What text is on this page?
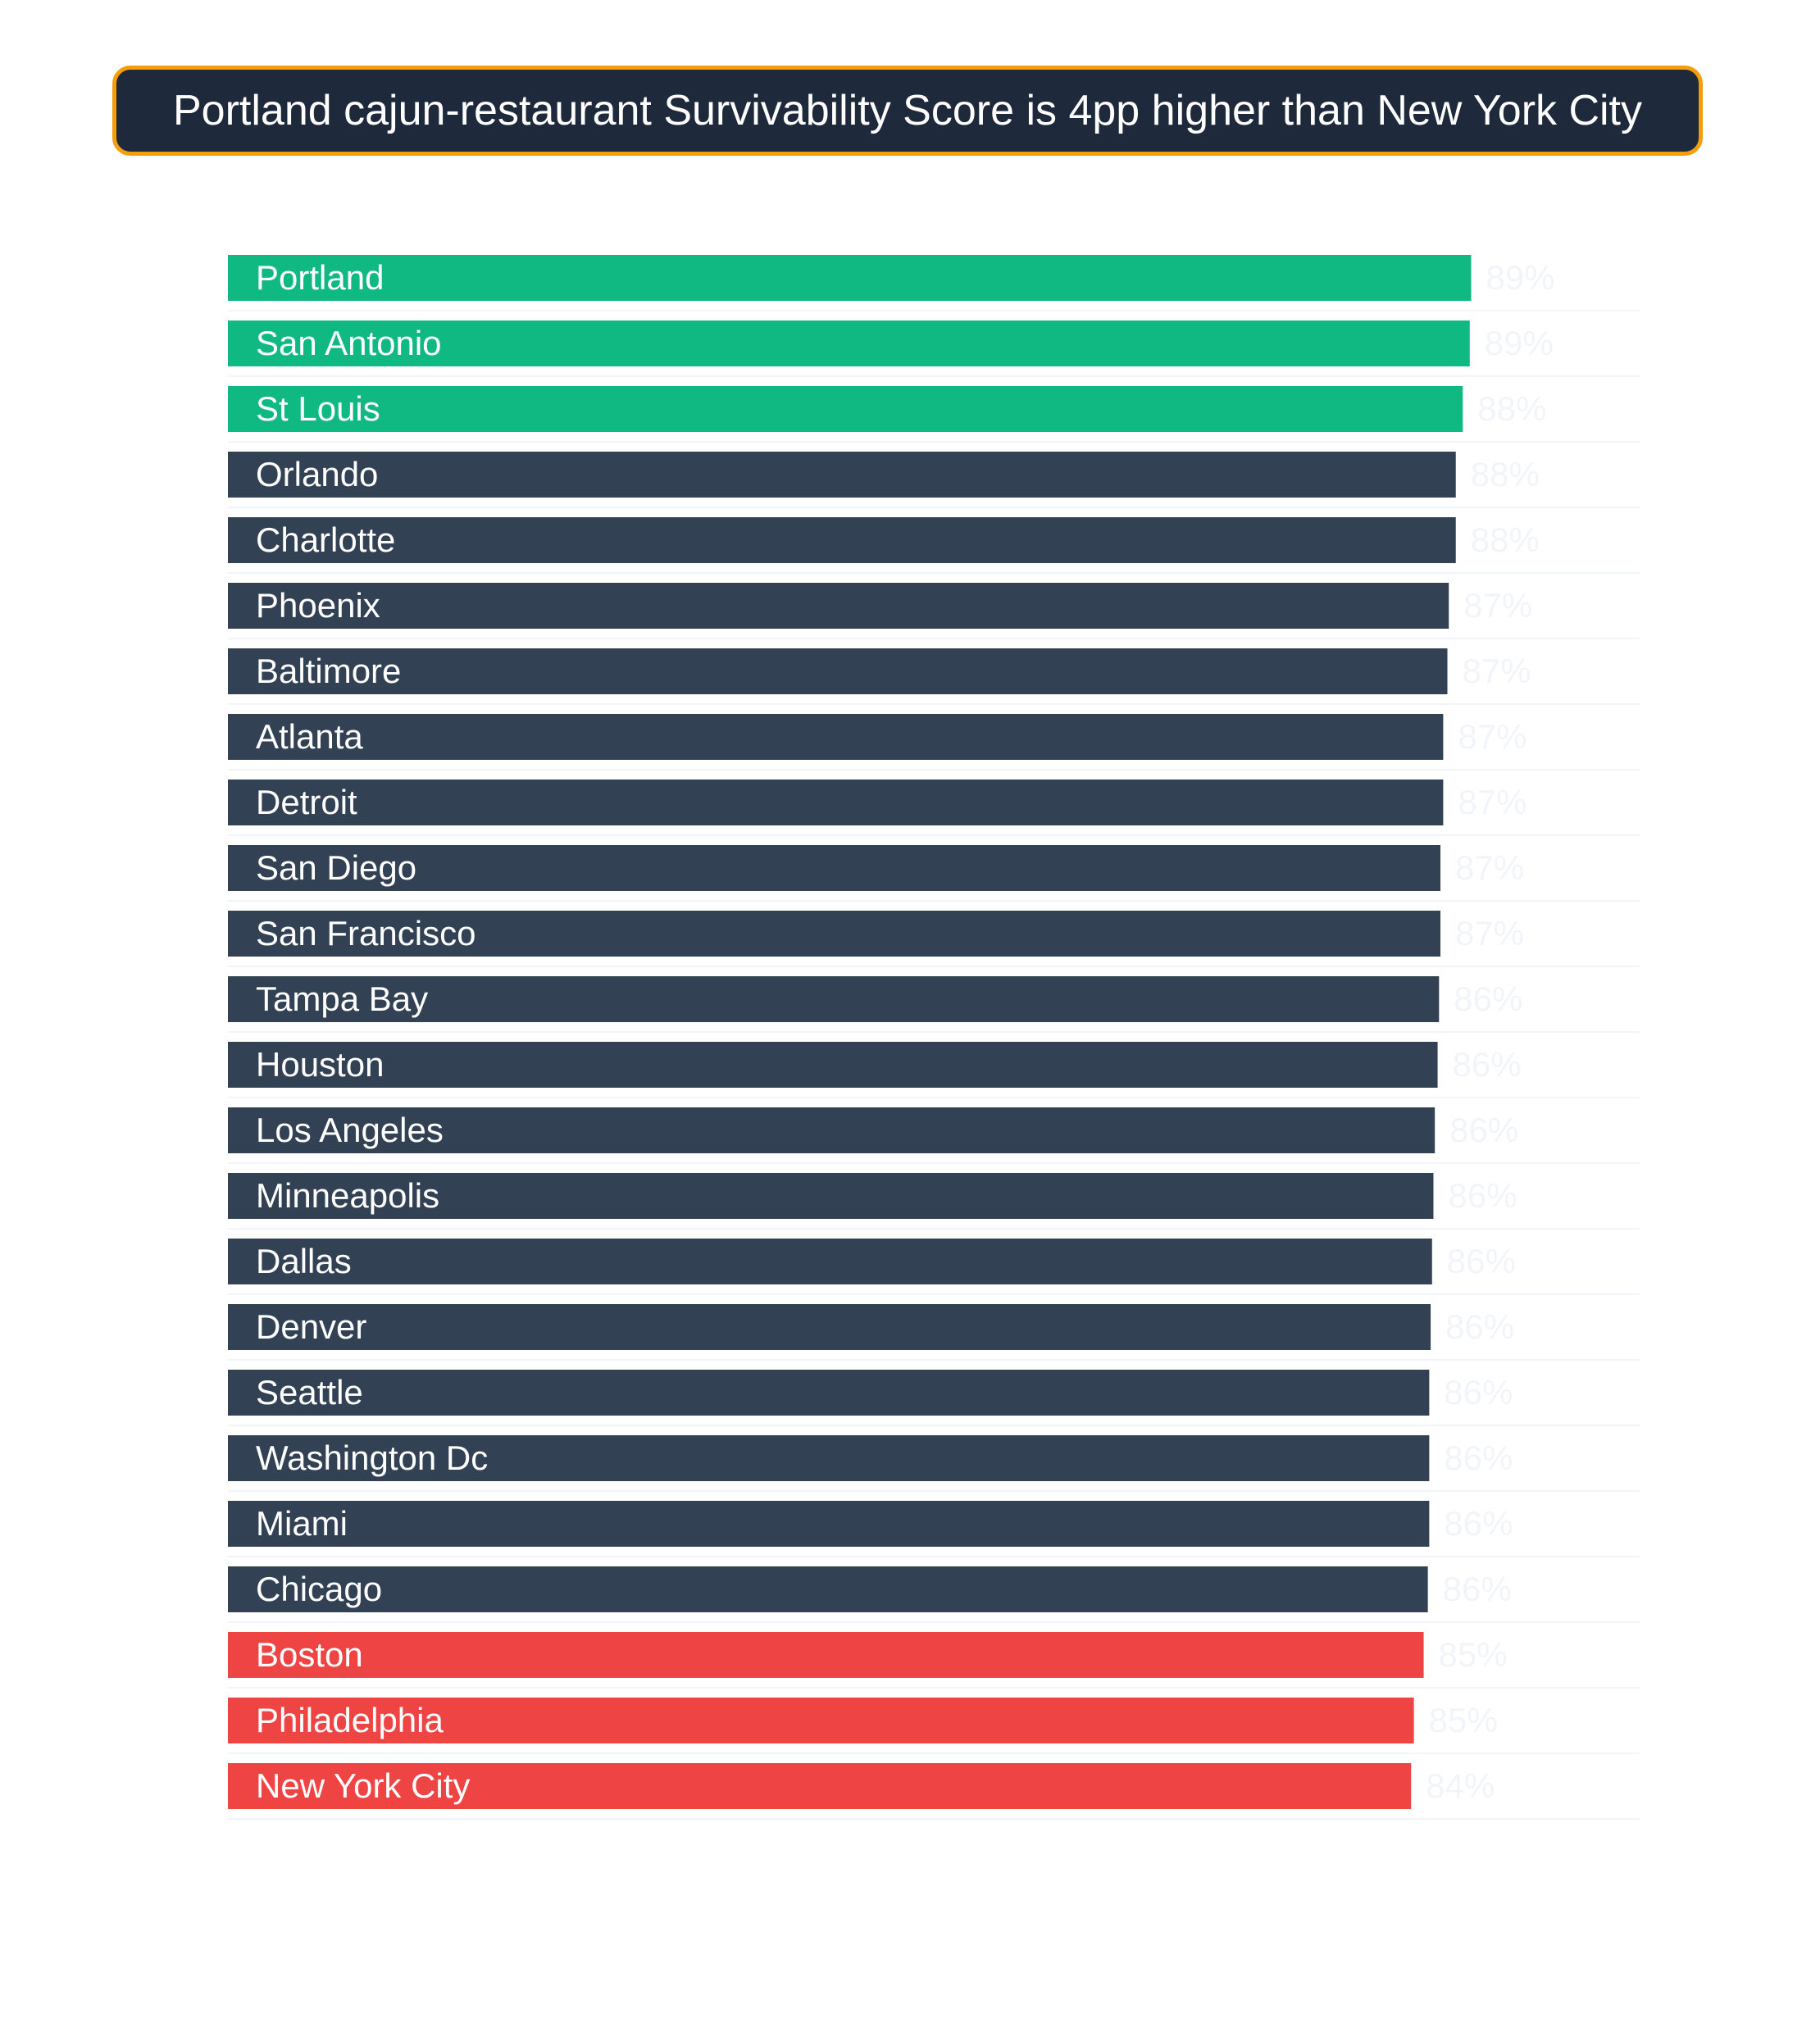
Portland cajun-restaurant Survivability Score is 4pp higher than New York City
Portland	89%
San Antonio	89%
St Louis	88%
Orlando	88%
Charlotte	88%
Phoenix	87%
Baltimore	87%
Atlanta	87%
Detroit	87%
San Diego	87%
San Francisco	87%
Tampa Bay	86%
Houston	86%
Los Angeles	86%
Minneapolis	86%
Dallas	86%
Denver	86%
Seattle	86%
Washington Dc	86%
Miami	86%
Chicago	86%
Boston	85%
Philadelphia	85%
New York City	84%
